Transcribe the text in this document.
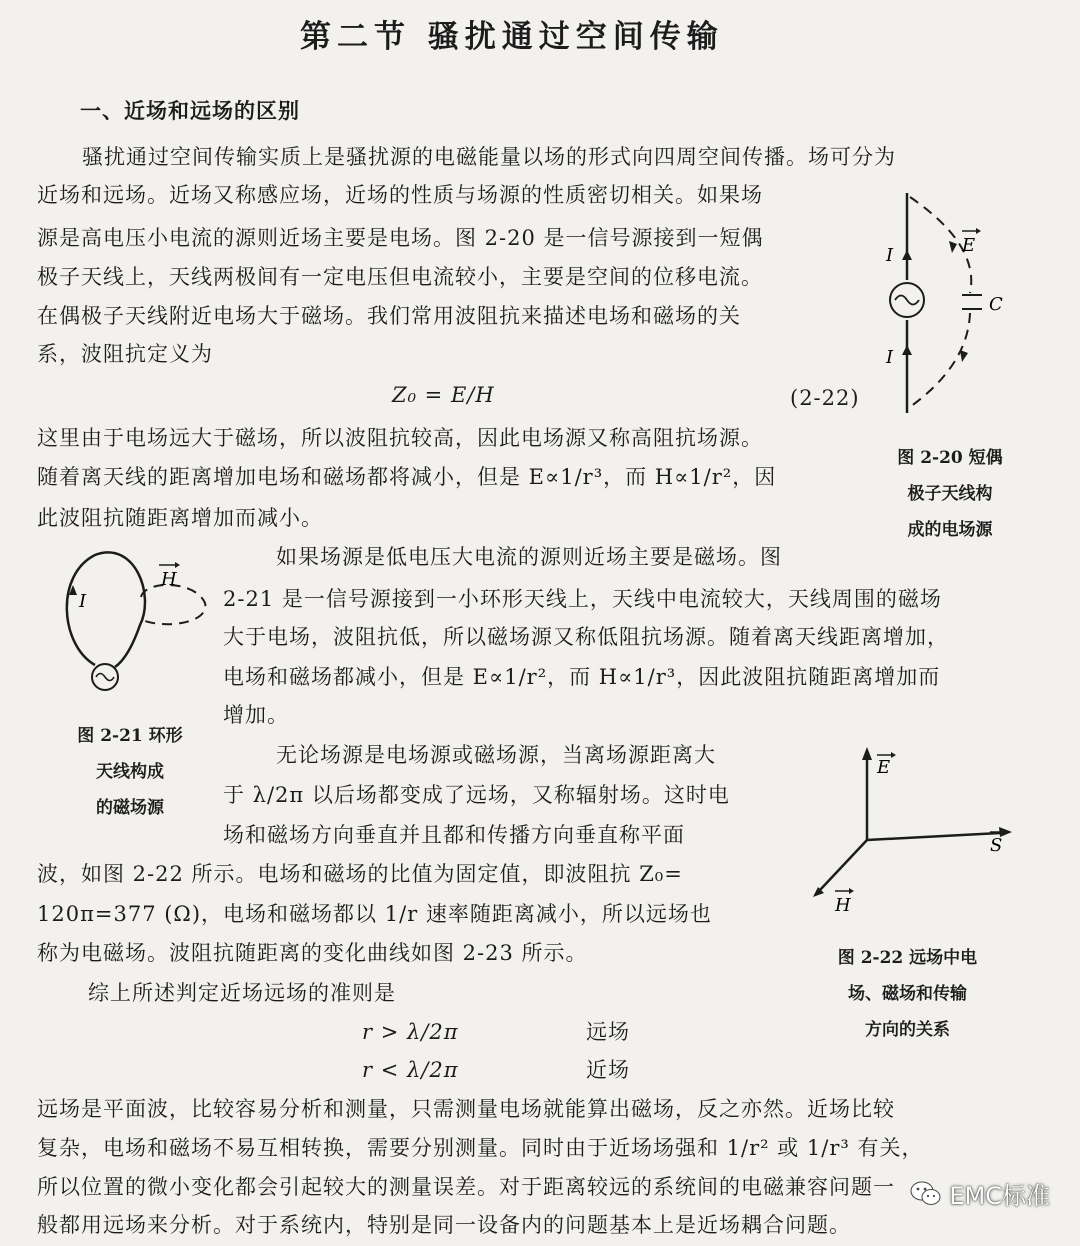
第二节 骚扰通过空间传输
一、近场和远场的区别
骚扰通过空间传输实质上是骚扰源的电磁能量以场的形式向四周空间传播。场可分为
近场和远场。近场又称感应场，近场的性质与场源的性质密切相关。如果场
源是高电压小电流的源则近场主要是电场。图 2-20 是一信号源接到一短偶
极子天线上，天线两极间有一定电压但电流较小，主要是空间的位移电流。
在偶极子天线附近电场大于磁场。我们常用波阻抗来描述电场和磁场的关
系，波阻抗定义为
Z₀ = E/H	(2-22)
这里由于电场远大于磁场，所以波阻抗较高，因此电场源又称高阻抗场源。
随着离天线的距离增加电场和磁场都将减小，但是 E∝1/r³，而 H∝1/r²，因
此波阻抗随距离增加而减小。
I
I
E
C
图 2-20 短偶
极子天线构
成的电场源
I
H
图 2-21 环形
天线构成
的磁场源
如果场源是低电压大电流的源则近场主要是磁场。图
2-21 是一信号源接到一小环形天线上，天线中电流较大，天线周围的磁场
大于电场，波阻抗低，所以磁场源又称低阻抗场源。随着离天线距离增加，
电场和磁场都减小，但是 E∝1/r²，而 H∝1/r³，因此波阻抗随距离增加而
增加。
无论场源是电场源或磁场源，当离场源距离大
于 λ/2π 以后场都变成了远场，又称辐射场。这时电
场和磁场方向垂直并且都和传播方向垂直称平面
波，如图 2-22 所示。电场和磁场的比值为固定值，即波阻抗 Z₀=
120π=377 (Ω)，电场和磁场都以 1/r 速率随距离减小，所以远场也
称为电磁场。波阻抗随距离的变化曲线如图 2-23 所示。
E
S
H
图 2-22 远场中电
场、磁场和传输
方向的关系
综上所述判定近场远场的准则是
r > λ/2π	远场
r < λ/2π	近场
远场是平面波，比较容易分析和测量，只需测量电场就能算出磁场，反之亦然。近场比较
复杂，电场和磁场不易互相转换，需要分别测量。同时由于近场场强和 1/r² 或 1/r³ 有关，
所以位置的微小变化都会引起较大的测量误差。对于距离较远的系统间的电磁兼容问题一
般都用远场来分析。对于系统内，特别是同一设备内的问题基本上是近场耦合问题。
EMC标准
